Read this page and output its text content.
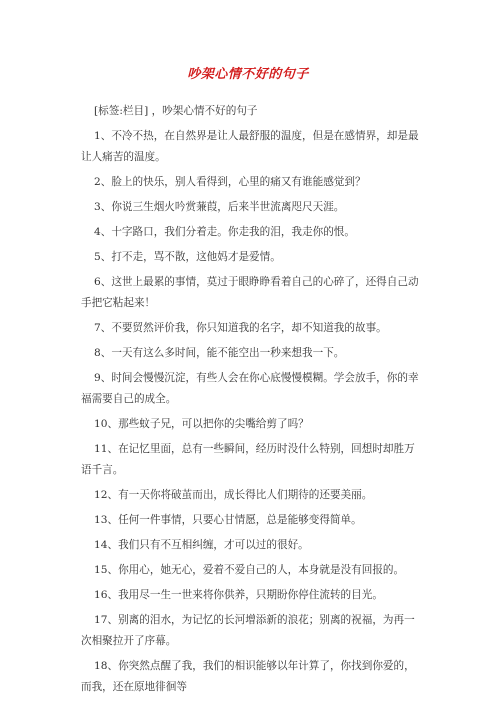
吵架心情不好的句子

[标签:栏目] ，吵架心情不好的句子

1、不冷不热，在自然界是让人最舒服的温度，但是在感情界，却是最让人痛苦的温度。

2、脸上的快乐，别人看得到，心里的痛又有谁能感觉到？

3、你说三生烟火吟赏蒹葭，后来半世流离咫尺天涯。

4、十字路口，我们分着走。你走我的泪，我走你的恨。

5、打不走，骂不散，这他妈才是爱情。

6、这世上最累的事情，莫过于眼睁睁看着自己的心碎了，还得自己动手把它粘起来！

7、不要贸然评价我，你只知道我的名字，却不知道我的故事。

8、一天有这么多时间，能不能空出一秒来想我一下。

9、时间会慢慢沉淀，有些人会在你心底慢慢模糊。学会放手，你的幸福需要自己的成全。

10、那些蚊子兄，可以把你的尖嘴给剪了吗？

11、在记忆里面，总有一些瞬间，经历时没什么特别，回想时却胜万语千言。

12、有一天你将破茧而出，成长得比人们期待的还要美丽。

13、任何一件事情，只要心甘情愿，总是能够变得简单。

14、我们只有不互相纠缠，才可以过的很好。

15、你用心，她无心，爱着不爱自己的人，本身就是没有回报的。

16、我用尽一生一世来将你供养，只期盼你停住流转的目光。

17、别离的泪水，为记忆的长河增添新的浪花；别离的祝福，为再一次相聚拉开了序幕。

18、你突然点醒了我，我们的相识能够以年计算了，你找到你爱的，而我，还在原地徘徊等
